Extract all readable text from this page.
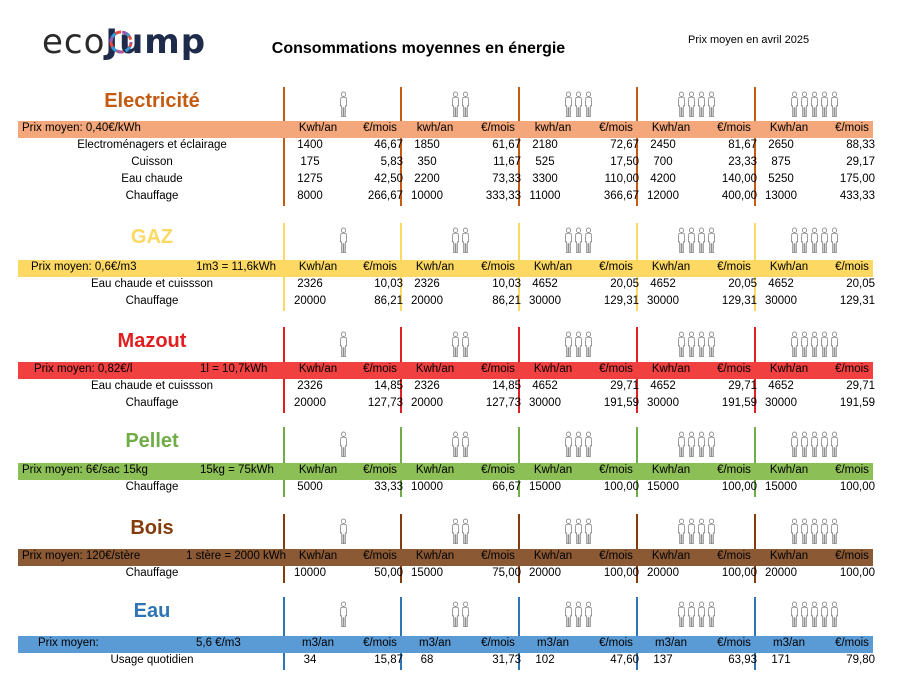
ecoJump	Consommations moyennes en énergie	Prix moyen en avril 2025
Electricité
Prix moyen: 0,40€/kWh	Kwh/an	€/mois	kwh/an	€/mois	kwh/an	€/mois	Kwh/an	€/mois	Kwh/an	€/mois
Electroménagers et éclairage	1400	46,67 1850	61,67 2180	72,67 2450	81,67 2650	88,33
Cuisson	175	5,83	350	11,67	525	17,50	700	23,33	875	29,17
Eau chaude	1275	42,50 2200	73,33 3300	110,00 4200	140,00 5250	175,00
Chauffage	8000	266,67 10000	333,33 11000	366,67 12000	400,00 13000	433,33
GAZ
Prix moyen: 0,6€/m3	1m3 = 11,6kWh	Kwh/an	€/mois	Kwh/an	€/mois	Kwh/an	€/mois	Kwh/an	€/mois	Kwh/an	€/mois
Eau chaude et cuissson	2326	10,03 2326	10,03 4652	20,05 4652	20,05 4652	20,05
Chauffage	20000	86,21 20000	86,21 30000	129,31 30000	129,31 30000	129,31
Mazout
Prix moyen: 0,82€/l	1l = 10,7kWh	Kwh/an	€/mois	Kwh/an	€/mois	Kwh/an	€/mois	Kwh/an	€/mois	Kwh/an	€/mois
Eau chaude et cuissson	2326	14,85 2326	14,85 4652	29,71 4652	29,71 4652	29,71
Chauffage	20000	127,73 20000	127,73 30000	191,59 30000	191,59 30000	191,59
Pellet
Prix moyen: 6€/sac 15kg	15kg = 75kWh	Kwh/an	€/mois	Kwh/an	€/mois	Kwh/an	€/mois	Kwh/an	€/mois	Kwh/an	€/mois
Chauffage	5000	33,33 10000	66,67 15000	100,00 15000	100,00 15000	100,00
Bois
Prix moyen: 120€/stère	1 stère = 2000 kWh	Kwh/an	€/mois	Kwh/an	€/mois	Kwh/an	€/mois	Kwh/an	€/mois	Kwh/an	€/mois
Chauffage	10000	50,00 15000	75,00 20000	100,00 20000	100,00 20000	100,00
Eau
Prix moyen:	5,6 €/m3	m3/an	€/mois	m3/an	€/mois	m3/an	€/mois	m3/an	€/mois	m3/an	€/mois
Usage quotidien	34	15,87	68	31,73	102	47,60	137	63,93	171	79,80
